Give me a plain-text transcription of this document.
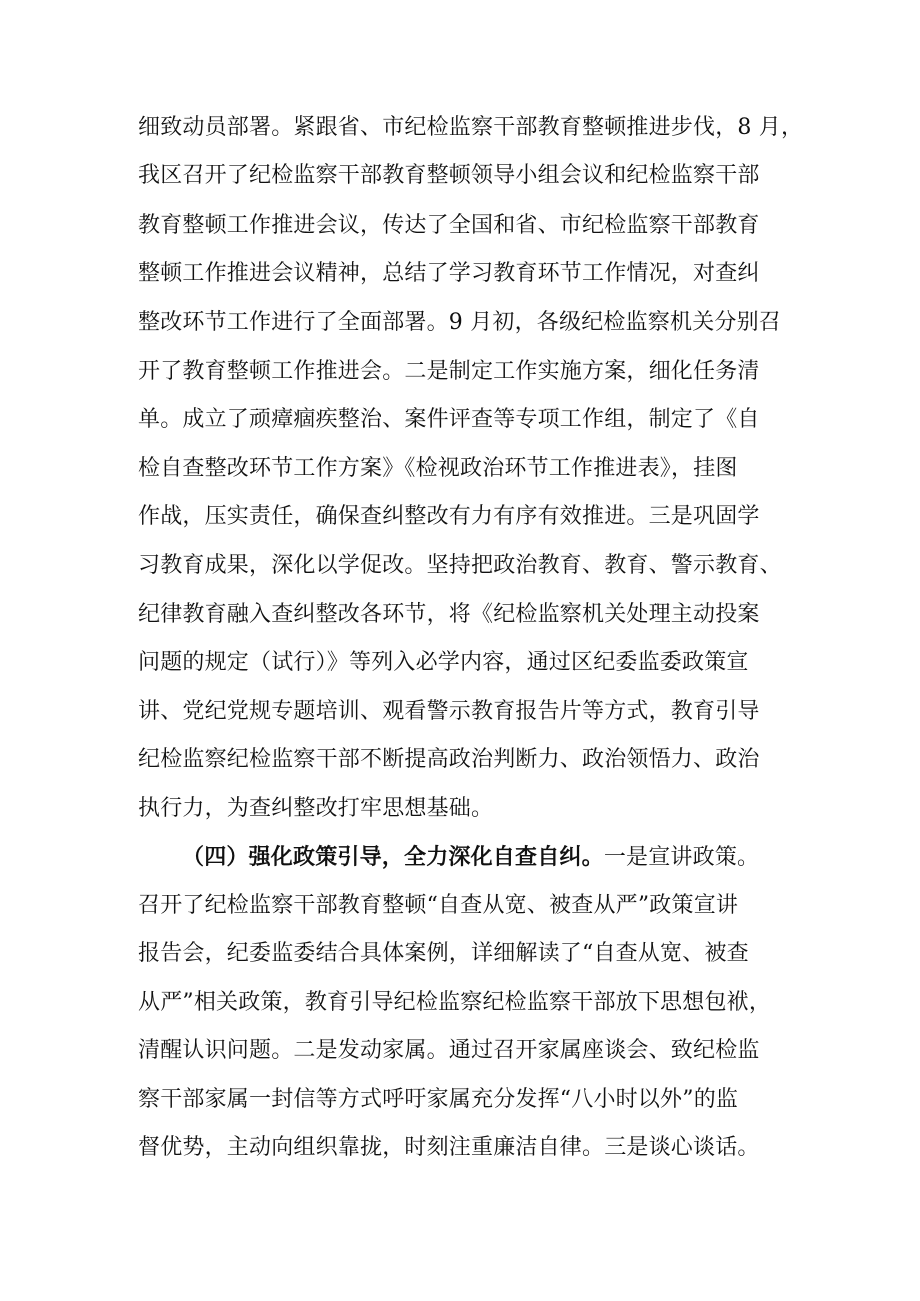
细致动员部署。紧跟省、市纪检监察干部教育整顿推进步伐，8 月，
我区召开了纪检监察干部教育整顿领导小组会议和纪检监察干部
教育整顿工作推进会议，传达了全国和省、市纪检监察干部教育
整顿工作推进会议精神，总结了学习教育环节工作情况，对查纠
整改环节工作进行了全面部署。9 月初，各级纪检监察机关分别召
开了教育整顿工作推进会。二是制定工作实施方案，细化任务清
单。成立了顽瘴痼疾整治、案件评查等专项工作组，制定了《自
检自查整改环节工作方案》《检视政治环节工作推进表》，挂图
作战，压实责任，确保查纠整改有力有序有效推进。三是巩固学
习教育成果，深化以学促改。坚持把政治教育、教育、警示教育、
纪律教育融入查纠整改各环节，将《纪检监察机关处理主动投案
问题的规定（试行）》等列入必学内容，通过区纪委监委政策宣
讲、党纪党规专题培训、观看警示教育报告片等方式，教育引导
纪检监察纪检监察干部不断提高政治判断力、政治领悟力、政治
执行力，为查纠整改打牢思想基础。
（四）强化政策引导，全力深化自查自纠。一是宣讲政策。
召开了纪检监察干部教育整顿“自查从宽、被查从严”政策宣讲
报告会，纪委监委结合具体案例，详细解读了“自查从宽、被查
从严”相关政策，教育引导纪检监察纪检监察干部放下思想包袱，
清醒认识问题。二是发动家属。通过召开家属座谈会、致纪检监
察干部家属一封信等方式呼吁家属充分发挥“八小时以外”的监
督优势，主动向组织靠拢，时刻注重廉洁自律。三是谈心谈话。
